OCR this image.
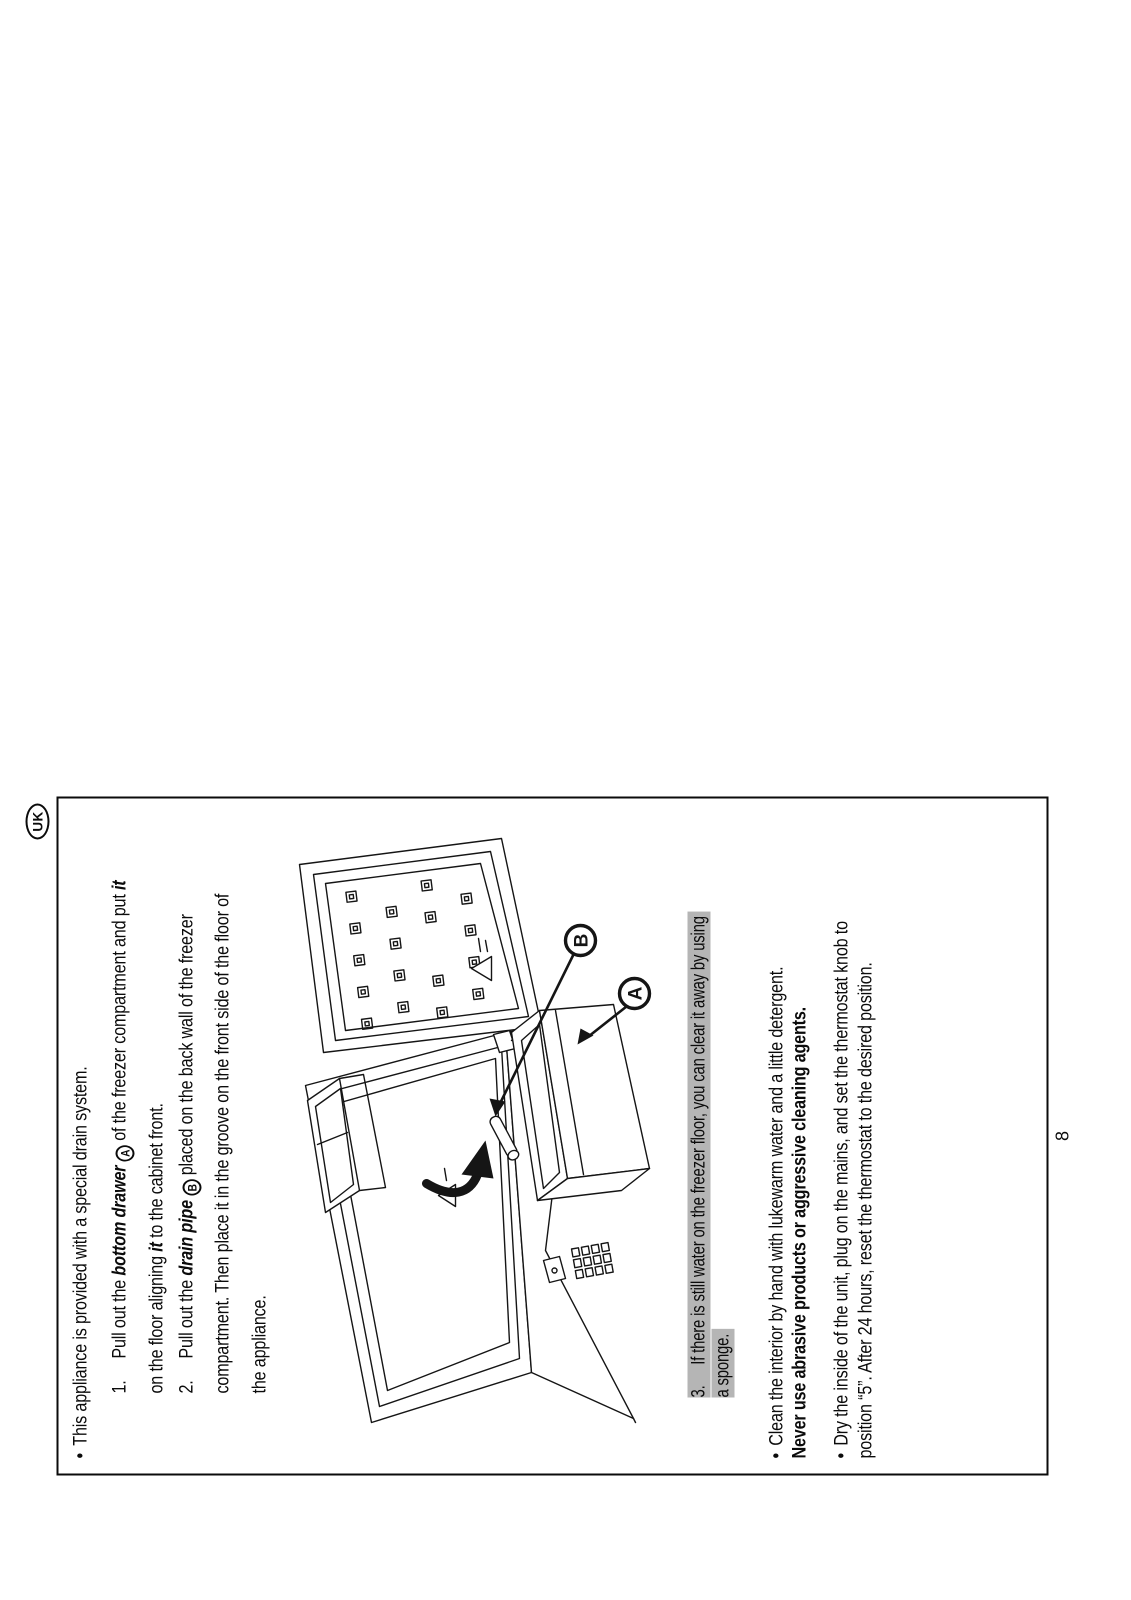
UK
•This appliance is provided with a special drain system. 1.Pull out the bottom drawer A of the freezer compartment and put it
on the floor aligning it to the cabinet front.
2.Pull out the drain pipe B placed on the back wall of the freezer compartment. Then place it in the groove on the front side of the floor of the appliance.
B
A
3.If there is still water on the freezer floor, you can clear it away by using
a sponge.
•Clean the interior by hand with lukewarm water and a little detergent. Never use abrasive products or aggressive cleaning agents. •Dry the inside of the unit, plug on the mains, and set the thermostat knob to position “5”. After 24 hours, reset the thermostat to the desired position.	8
